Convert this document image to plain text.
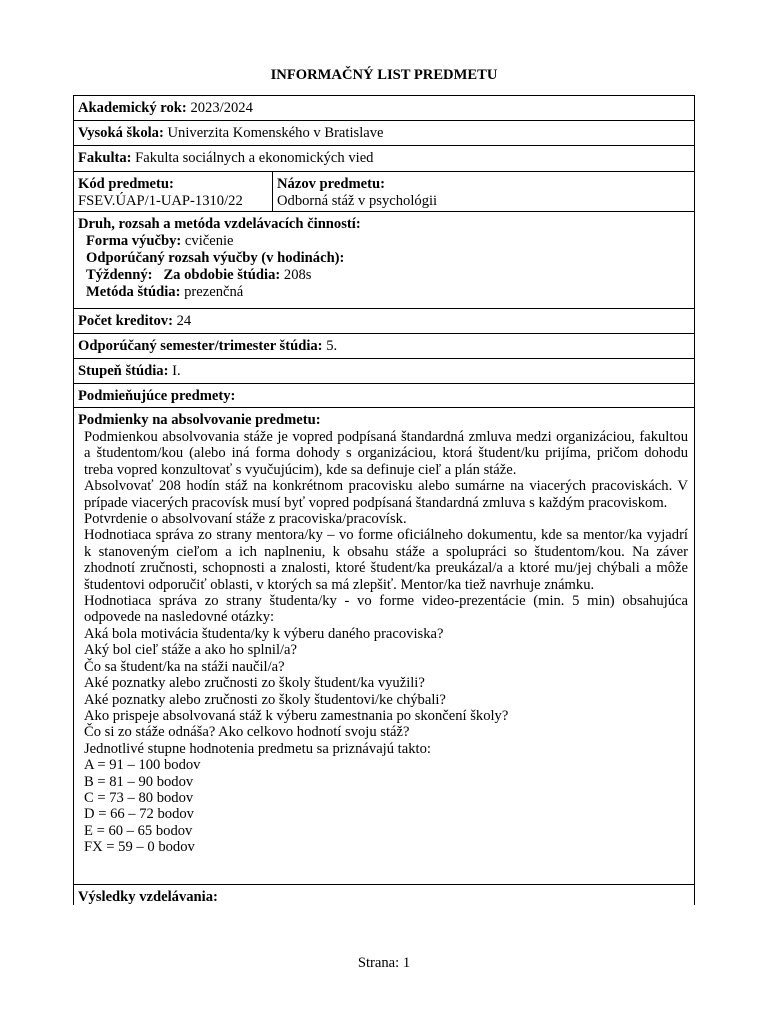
INFORMAČNÝ LIST PREDMETU
Akademický rok: 2023/2024
Vysoká škola: Univerzita Komenského v Bratislave
Fakulta: Fakulta sociálnych a ekonomických vied
Kód predmetu:
FSEV.ÚAP/1-UAP-1310/22
Názov predmetu:
Odborná stáž v psychológii
Druh, rozsah a metóda vzdelávacích činností:
Forma výučby: cvičenie
Odporúčaný rozsah výučby (v hodinách):
Týždenný: Za obdobie štúdia: 208s
Metóda štúdia: prezenčná
Počet kreditov: 24
Odporúčaný semester/trimester štúdia: 5.
Stupeň štúdia: I.
Podmieňujúce predmety:
Podmienky na absolvovanie predmetu:

Podmienkou absolvovania stáže je vopred podpísaná štandardná zmluva medzi organizáciou, fakultou a študentom/kou (alebo iná forma dohody s organizáciou, ktorá študent/ku prijíma, pričom dohodu treba vopred konzultovať s vyučujúcim), kde sa definuje cieľ a plán stáže.

Absolvovať 208 hodín stáž na konkrétnom pracovisku alebo sumárne na viacerých pracoviskách. V prípade viacerých pracovísk musí byť vopred podpísaná štandardná zmluva s každým pracoviskom.

Potvrdenie o absolvovaní stáže z pracoviska/pracovísk.

Hodnotiaca správa zo strany mentora/ky – vo forme oficiálneho dokumentu, kde sa mentor/ka vyjadrí k stanoveným cieľom a ich naplneniu, k obsahu stáže a spolupráci so študentom/kou. Na záver zhodnotí zručnosti, schopnosti a znalosti, ktoré študent/ka preukázal/a a ktoré mu/jej chýbali a môže študentovi odporučiť oblasti, v ktorých sa má zlepšiť. Mentor/ka tiež navrhuje známku.

Hodnotiaca správa zo strany študenta/ky - vo forme video-prezentácie (min. 5 min) obsahujúca odpovede na nasledovné otázky:

Aká bola motivácia študenta/ky k výberu daného pracoviska?
Aký bol cieľ stáže a ako ho splnil/a?
Čo sa študent/ka na stáži naučil/a?
Aké poznatky alebo zručnosti zo školy študent/ka využili?
Aké poznatky alebo zručnosti zo školy študentovi/ke chýbali?
Ako prispeje absolvovaná stáž k výberu zamestnania po skončení školy?
Čo si zo stáže odnáša? Ako celkovo hodnotí svoju stáž?
Jednotlivé stupne hodnotenia predmetu sa priznávajú takto:
A = 91 – 100 bodov
B = 81 – 90 bodov
C = 73 – 80 bodov
D = 66 – 72 bodov
E = 60 – 65 bodov
FX = 59 – 0 bodov
Výsledky vzdelávania:
Strana: 1
